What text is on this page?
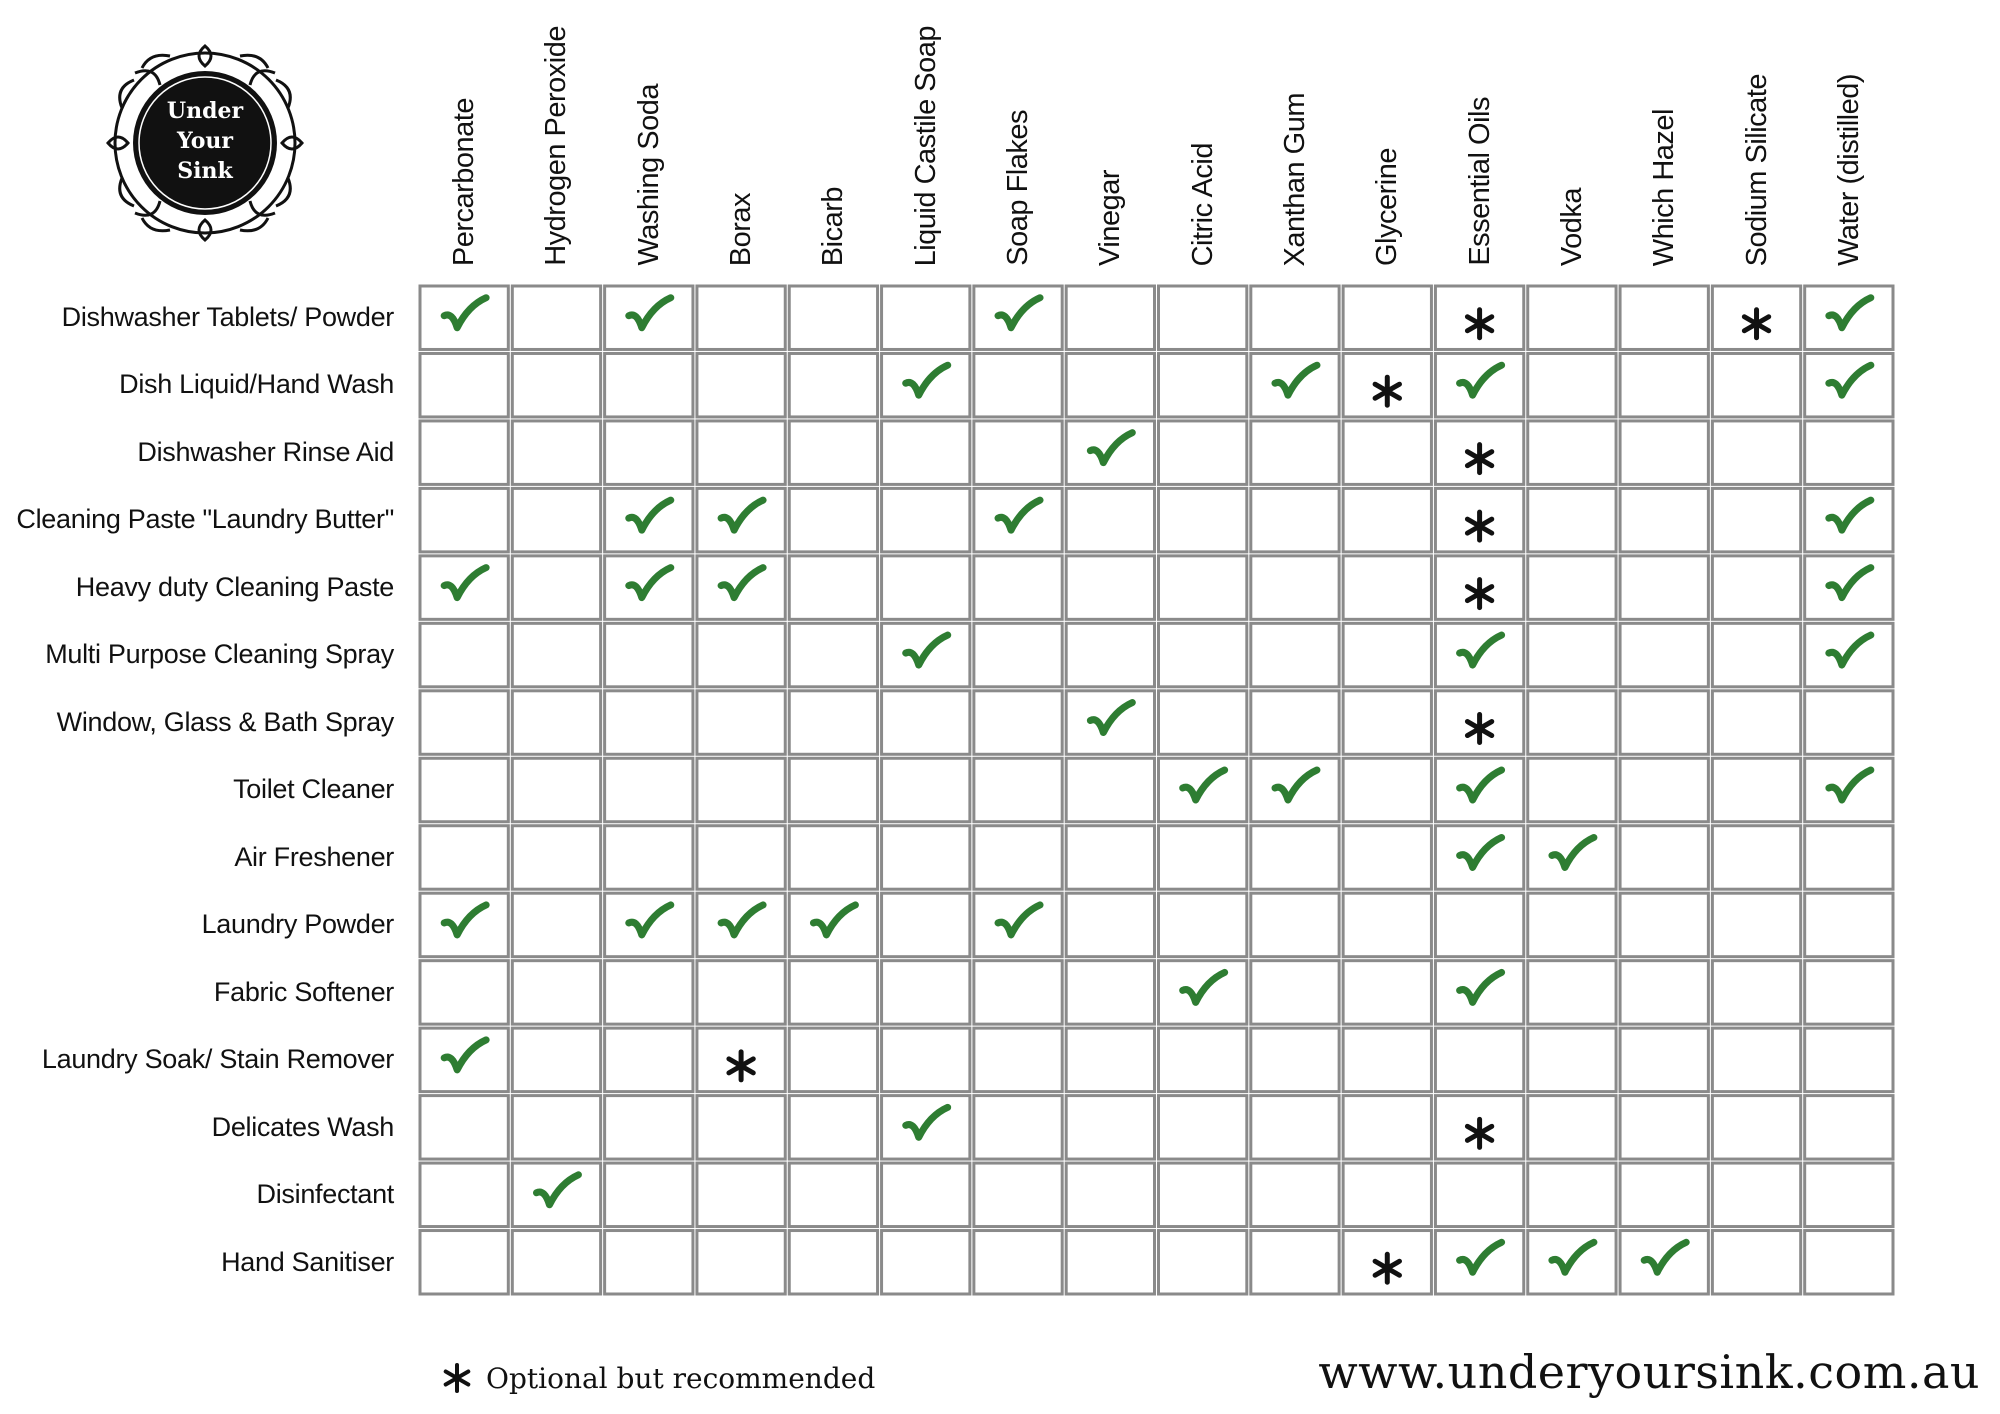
Under
Your
Sink	Percarbonate Hydrogen Peroxide Washing Soda Borax Bicarb Liquid Castile Soap Soap Flakes Vinegar Citric Acid Xanthan Gum Glycerine Essential Oils Vodka Which Hazel Sodium Silicate Water (distilled)
Dishwasher Tablets/ Powder
Dish Liquid/Hand Wash
Dishwasher Rinse Aid
Cleaning Paste "Laundry Butter"
Heavy duty Cleaning Paste
Multi Purpose Cleaning Spray
Window, Glass & Bath Spray
Toilet Cleaner
Air Freshener
Laundry Powder
Fabric Softener
Laundry Soak/ Stain Remover
Delicates Wash
Disinfectant
Hand Sanitiser
Optional but recommended	www.underyoursink.com.au
